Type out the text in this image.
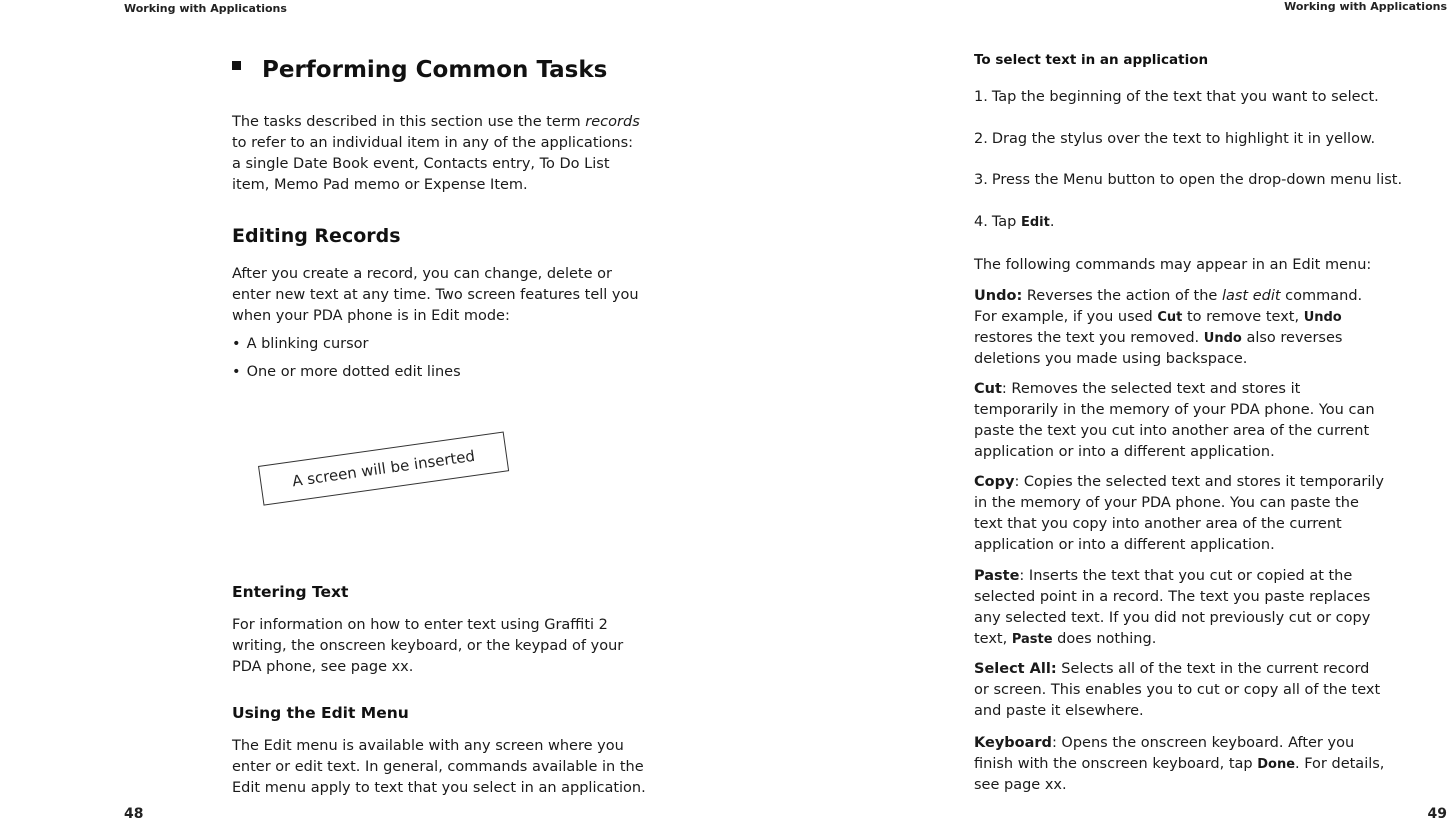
Working with Applications
Performing Common Tasks
The tasks described in this section use the term records
to refer to an individual item in any of the applications:
a single Date Book event, Contacts entry, To Do List
item, Memo Pad memo or Expense Item.
Editing Records
After you create a record, you can change, delete or
enter new text at any time. Two screen features tell you
when your PDA phone is in Edit mode:
• A blinking cursor
• One or more dotted edit lines
A screen will be inserted
Entering Text
For information on how to enter text using Graffiti 2
writing, the onscreen keyboard, or the keypad of your
PDA phone, see page xx.
Using the Edit Menu
The Edit menu is available with any screen where you
enter or edit text. In general, commands available in the
Edit menu apply to text that you select in an application.
48
Working with Applications
To select text in an application
1. Tap the beginning of the text that you want to select.
2. Drag the stylus over the text to highlight it in yellow.
3. Press the Menu button to open the drop-down menu list.
4. Tap Edit.
The following commands may appear in an Edit menu:
Undo: Reverses the action of the last edit command.
For example, if you used Cut to remove text, Undo
restores the text you removed. Undo also reverses
deletions you made using backspace.
Cut: Removes the selected text and stores it
temporarily in the memory of your PDA phone. You can
paste the text you cut into another area of the current
application or into a different application.
Copy: Copies the selected text and stores it temporarily
in the memory of your PDA phone. You can paste the
text that you copy into another area of the current
application or into a different application.
Paste: Inserts the text that you cut or copied at the
selected point in a record. The text you paste replaces
any selected text. If you did not previously cut or copy
text, Paste does nothing.
Select All: Selects all of the text in the current record
or screen. This enables you to cut or copy all of the text
and paste it elsewhere.
Keyboard: Opens the onscreen keyboard. After you
finish with the onscreen keyboard, tap Done. For details,
see page xx.
49
